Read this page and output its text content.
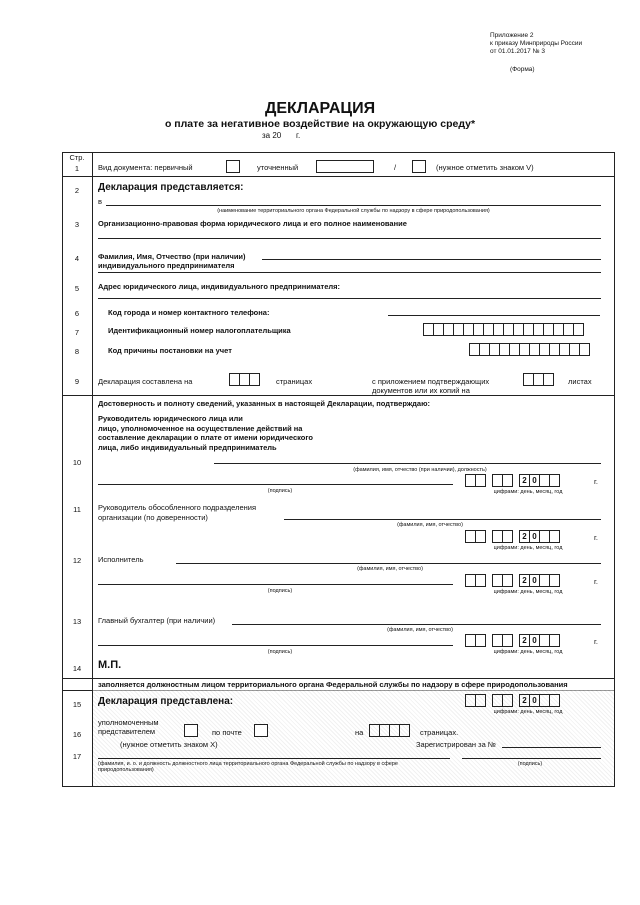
Приложение 2
к приказу Минприроды России
от 01.01.2017 № 3
(Форма)
ДЕКЛАРАЦИЯ
о плате за негативное воздействие на окружающую среду*
за 20 г.
Стр.
1	Вид документа: первичный	уточненный	/	(нужное отметить знаком V)
2	Декларация представляется:
в
(наименование территориального органа Федеральной службы по надзору в сфере природопользования)
3	Организационно-правовая форма юридического лица и его полное наименование
4	Фамилия, Имя, Отчество (при наличии)
индивидуального предпринимателя
5	Адрес юридического лица, индивидуального предпринимателя:
6	Код города и номер контактного телефона:
7	Идентификационный номер налогоплательщика
8	Код причины постановки на учет
9	Декларация составлена на	страницах	с приложением подтверждающих
документов или их копий на
листах
Достоверность и полноту сведений, указанных в настоящей Декларации, подтверждаю:
10
Руководитель юридического лица или
лицо, уполномоченное на осуществление действий на
составление декларации о плате от имени юридического
лица, либо индивидуальный предприниматель
(фамилия, имя, отчество (при наличии), должность)
(подпись)
2 0	г.
цифрами: день, месяц, год
11	Руководитель обособленного подразделения
организации (по доверенности)
(фамилия, имя, отчество)
2 0	г.
цифрами: день, месяц, год
12	Исполнитель
(фамилия, имя, отчество)
(подпись)
2 0	г.
цифрами: день, месяц, год
13	Главный бухгалтер (при наличии)
(фамилия, имя, отчество)
(подпись)
2 0	г.
цифрами: день, месяц, год
14	М.П.
заполняется должностным лицом территориального органа Федеральной службы по надзору в сфере природопользования
15	Декларация представлена:	2 0
цифрами: день, месяц, год
16
уполномоченным
представителем	по почте	на	страницах.
(нужное отметить знаком X)	Зарегистрирован за №
17
(фамилия, и. о. и должность должностного лица территориального органа Федеральной службы по надзору в сфере природопользования)
(подпись)
